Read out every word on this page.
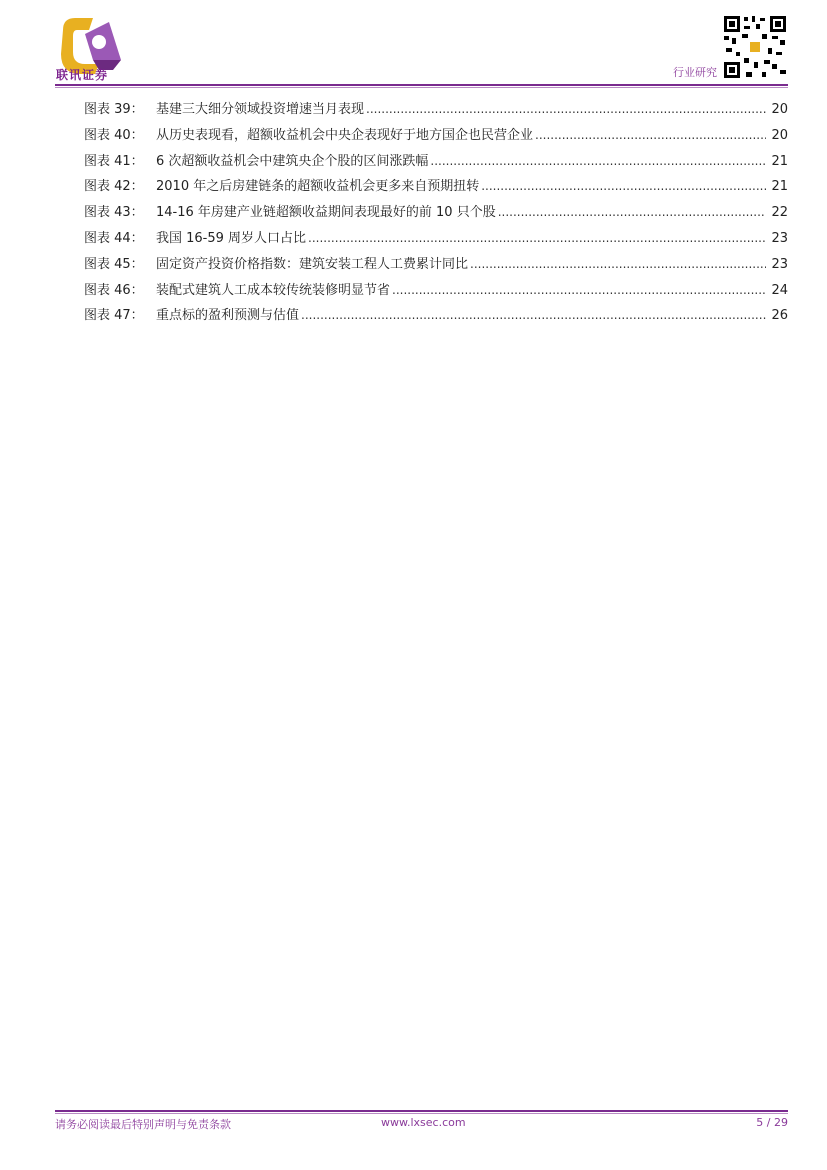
联讯证券	行业研究
图表 39： 基建三大细分领域投资增速当月表现 .....	20
图表 40： 从历史表现看，超额收益机会中央企表现好于地方国企也民营企业 .....	20
图表 41： 6 次超额收益机会中建筑央企个股的区间涨跌幅 .....	21
图表 42： 2010 年之后房建链条的超额收益机会更多来自预期扭转 .....	21
图表 43： 14-16 年房建产业链超额收益期间表现最好的前 10 只个股 .....	22
图表 44： 我国 16-59 周岁人口占比 .....	23
图表 45： 固定资产投资价格指数：建筑安装工程人工费累计同比 .....	23
图表 46： 装配式建筑人工成本较传统装修明显节省 .....	24
图表 47： 重点标的盈利预测与估值 .....	26
请务必阅读最后特别声明与免责条款	www.lxsec.com	5 / 29
